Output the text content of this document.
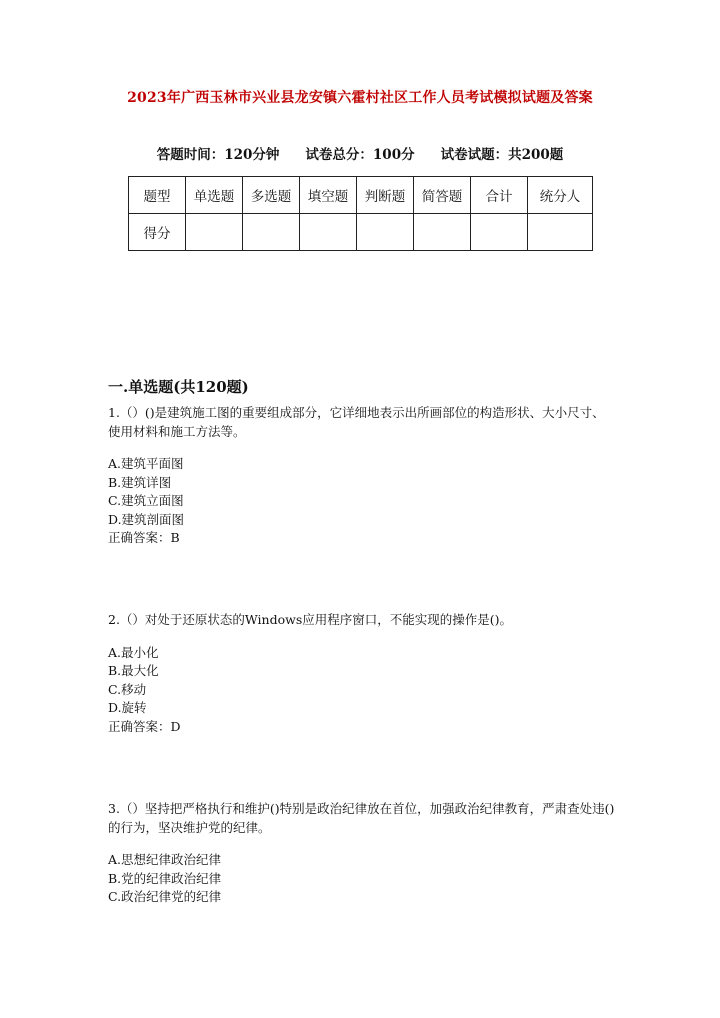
2023年广西玉林市兴业县龙安镇六霍村社区工作人员考试模拟试题及答案
答题时间：120分钟 试卷总分：100分 试卷试题：共200题
题型	单选题	多选题	填空题	判断题	简答题	合计	统分人
得分							
一.单选题(共120题)

1.（）()是建筑施工图的重要组成部分，它详细地表示出所画部位的构造形状、大小尺寸、使用材料和施工方法等。

A.建筑平面图

B.建筑详图

C.建筑立面图

D.建筑剖面图

正确答案：B

2.（）对处于还原状态的Windows应用程序窗口，不能实现的操作是()。

A.最小化

B.最大化

C.移动

D.旋转

正确答案：D

3.（）坚持把严格执行和维护()特别是政治纪律放在首位，加强政治纪律教育，严肃查处违()的行为，坚决维护党的纪律。

A.思想纪律政治纪律

B.党的纪律政治纪律

C.政治纪律党的纪律
